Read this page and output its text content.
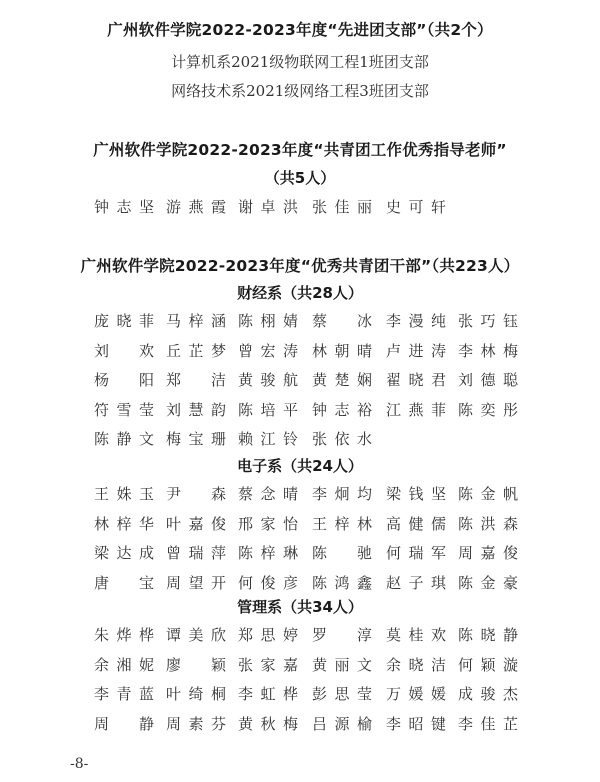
广州软件学院2022-2023年度“先进团支部”（共2个）
计算机系2021级物联网工程1班团支部
网络技术系2021级网络工程3班团支部
广州软件学院2022-2023年度“共青团工作优秀指导老师”
（共5人）
钟志坚 游燕霞 谢卓洪 张佳丽 史可轩
广州软件学院2022-2023年度“优秀共青团干部”（共223人）
财经系（共28人）
庞晓菲 马梓涵 陈栩婧 蔡 冰 李漫纯 张巧钰
刘 欢 丘芷梦 曾宏涛 林朝晴 卢进涛 李林梅
杨 阳 郑 洁 黄骏航 黄楚娴 翟晓君 刘德聪
符雪莹 刘慧韵 陈培平 钟志裕 江燕菲 陈奕彤
陈静文 梅宝珊 赖江铃 张依水
电子系（共24人）
王姝玉 尹 森 蔡念晴 李炯均 梁钱坚 陈金帆
林梓华 叶嘉俊 邢家怡 王梓林 高健儒 陈洪森
梁达成 曾瑞萍 陈梓琳 陈 驰 何瑞军 周嘉俊
唐 宝 周望开 何俊彦 陈鸿鑫 赵子琪 陈金豪
管理系（共34人）
朱烨桦 谭美欣 郑思婷 罗 淳 莫桂欢 陈晓静
余湘妮 廖 颖 张家嘉 黄丽文 余晓洁 何颖漩
李青蓝 叶绮桐 李虹桦 彭思莹 万媛媛 成骏杰
周 静 周素芬 黄秋梅 吕源榆 李昭键 李佳芷
-8-
